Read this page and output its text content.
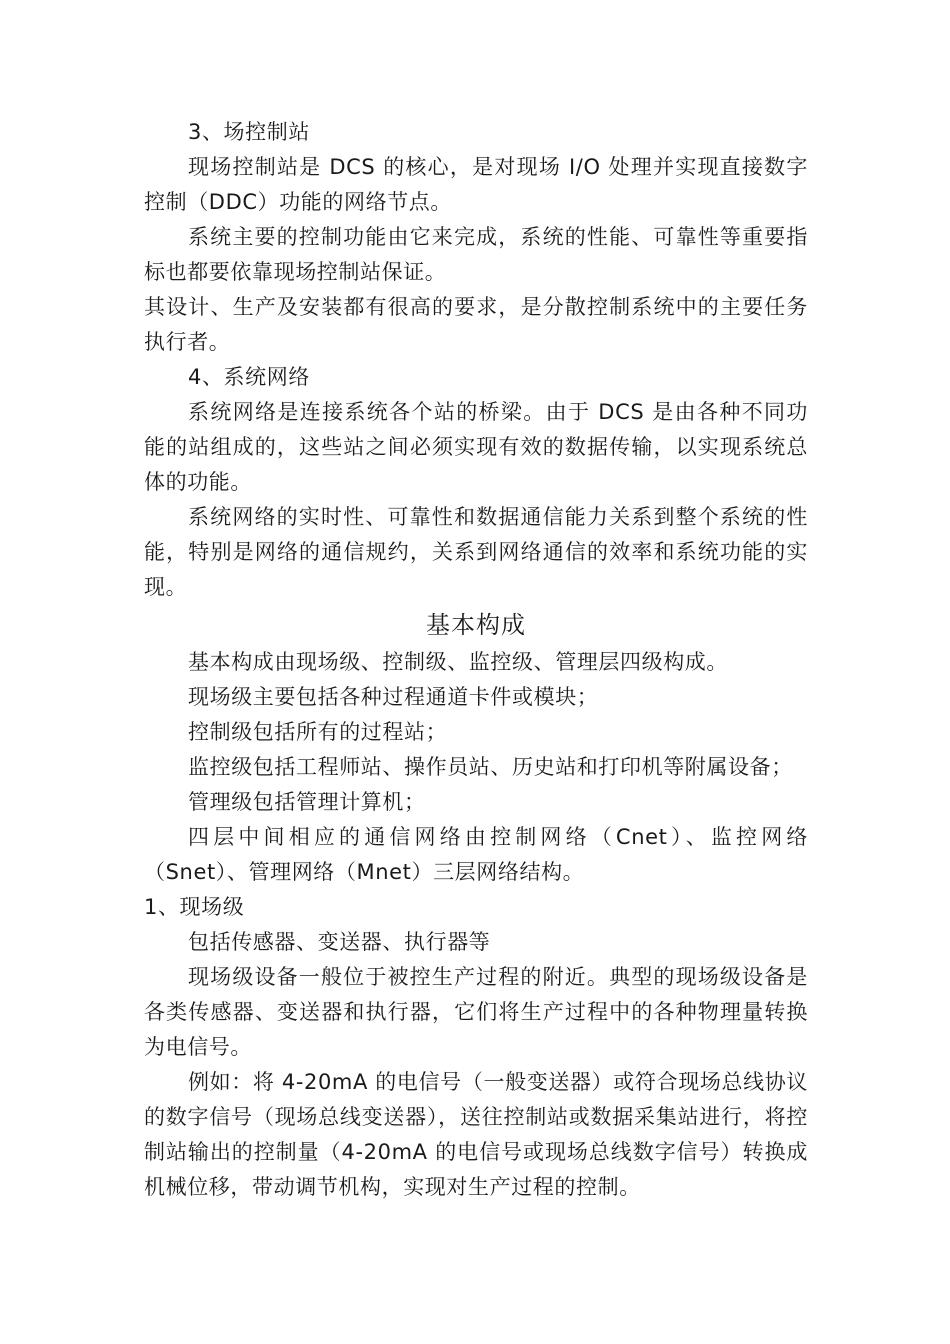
3、场控制站

现场控制站是 DCS 的核心，是对现场 I/O 处理并实现直接数字控制（DDC）功能的网络节点。

系统主要的控制功能由它来完成，系统的性能、可靠性等重要指标也都要依靠现场控制站保证。

其设计、生产及安装都有很高的要求，是分散控制系统中的主要任务执行者。

4、系统网络

系统网络是连接系统各个站的桥梁。由于 DCS 是由各种不同功能的站组成的，这些站之间必须实现有效的数据传输，以实现系统总体的功能。

系统网络的实时性、可靠性和数据通信能力关系到整个系统的性能，特别是网络的通信规约，关系到网络通信的效率和系统功能的实现。

基本构成

基本构成由现场级、控制级、监控级、管理层四级构成。

现场级主要包括各种过程通道卡件或模块；

控制级包括所有的过程站；

监控级包括工程师站、操作员站、历史站和打印机等附属设备；

管理级包括管理计算机；

四层中间相应的通信网络由控制网络（Cnet）、监控网络（Snet）、管理网络（Mnet）三层网络结构。

1、现场级

包括传感器、变送器、执行器等

现场级设备一般位于被控生产过程的附近。典型的现场级设备是各类传感器、变送器和执行器，它们将生产过程中的各种物理量转换为电信号。

例如：将 4-20mA 的电信号（一般变送器）或符合现场总线协议的数字信号（现场总线变送器），送往控制站或数据采集站进行，将控制站输出的控制量（4-20mA 的电信号或现场总线数字信号）转换成机械位移，带动调节机构，实现对生产过程的控制。
